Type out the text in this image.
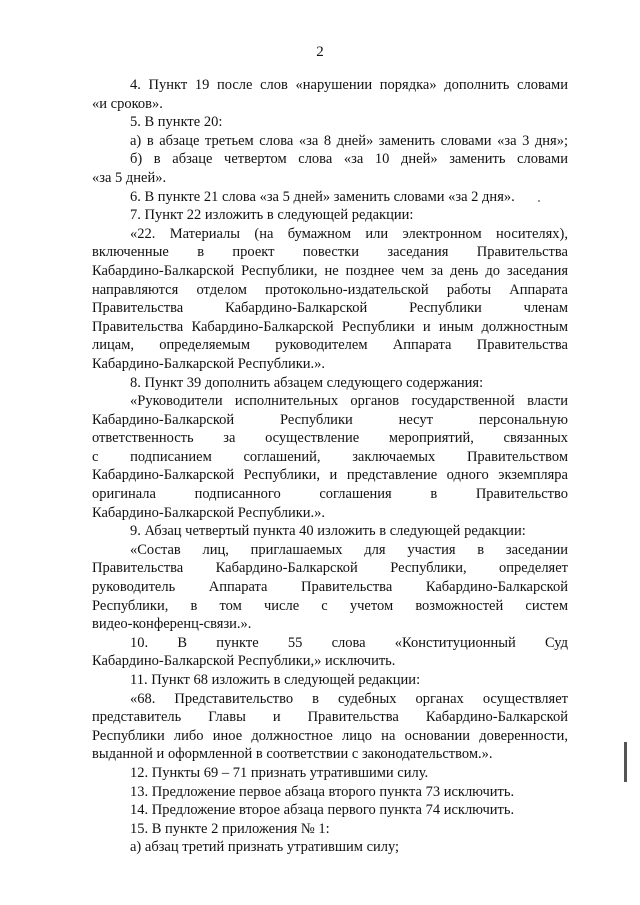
2
4. Пункт 19 после слов «нарушении порядка» дополнить словами
«и сроков».
5. В пункте 20:
а) в абзаце третьем слова «за 8 дней» заменить словами «за 3 дня»;
б) в абзаце четвертом слова «за 10 дней» заменить словами
«за 5 дней».
6. В пункте 21 слова «за 5 дней» заменить словами «за 2 дня».
7. Пункт 22 изложить в следующей редакции:
«22. Материалы (на бумажном или электронном носителях),
включенные в проект повестки заседания Правительства
Кабардино-Балкарской Республики, не позднее чем за день до заседания
направляются отделом протокольно-издательской работы Аппарата
Правительства Кабардино-Балкарской Республики членам
Правительства Кабардино-Балкарской Республики и иным должностным
лицам, определяемым руководителем Аппарата Правительства
Кабардино-Балкарской Республики.».
8. Пункт 39 дополнить абзацем следующего содержания:
«Руководители исполнительных органов государственной власти
Кабардино-Балкарской Республики несут персональную
ответственность за осуществление мероприятий, связанных
с подписанием соглашений, заключаемых Правительством
Кабардино-Балкарской Республики, и представление одного экземпляра
оригинала подписанного соглашения в Правительство
Кабардино-Балкарской Республики.».
9. Абзац четвертый пункта 40 изложить в следующей редакции:
«Состав лиц, приглашаемых для участия в заседании
Правительства Кабардино-Балкарской Республики, определяет
руководитель Аппарата Правительства Кабардино-Балкарской
Республики, в том числе с учетом возможностей систем
видео-конференц-связи.».
10. В пункте 55 слова «Конституционный Суд
Кабардино-Балкарской Республики,» исключить.
11. Пункт 68 изложить в следующей редакции:
«68. Представительство в судебных органах осуществляет
представитель Главы и Правительства Кабардино-Балкарской
Республики либо иное должностное лицо на основании доверенности,
выданной и оформленной в соответствии с законодательством.».
12. Пункты 69 – 71 признать утратившими силу.
13. Предложение первое абзаца второго пункта 73 исключить.
14. Предложение второе абзаца первого пункта 74 исключить.
15. В пункте 2 приложения № 1:
а) абзац третий признать утратившим силу;
